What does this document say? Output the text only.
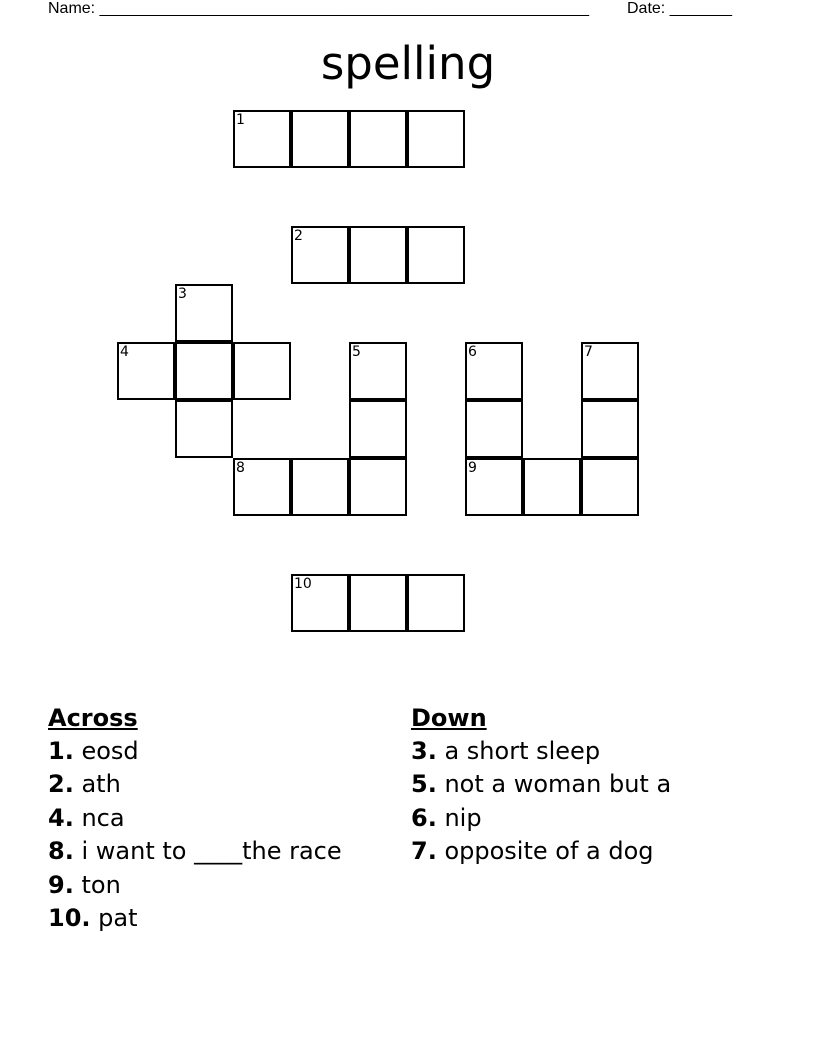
Name: _______________________________________________________ Date: _______
spelling
1
2
3
4	5	6	7
8	9
10
Across
1. eosd
2. ath
4. nca
8. i want to ____the race
9. ton
10. pat
Down
3. a short sleep
5. not a woman but a
6. nip
7. opposite of a dog
